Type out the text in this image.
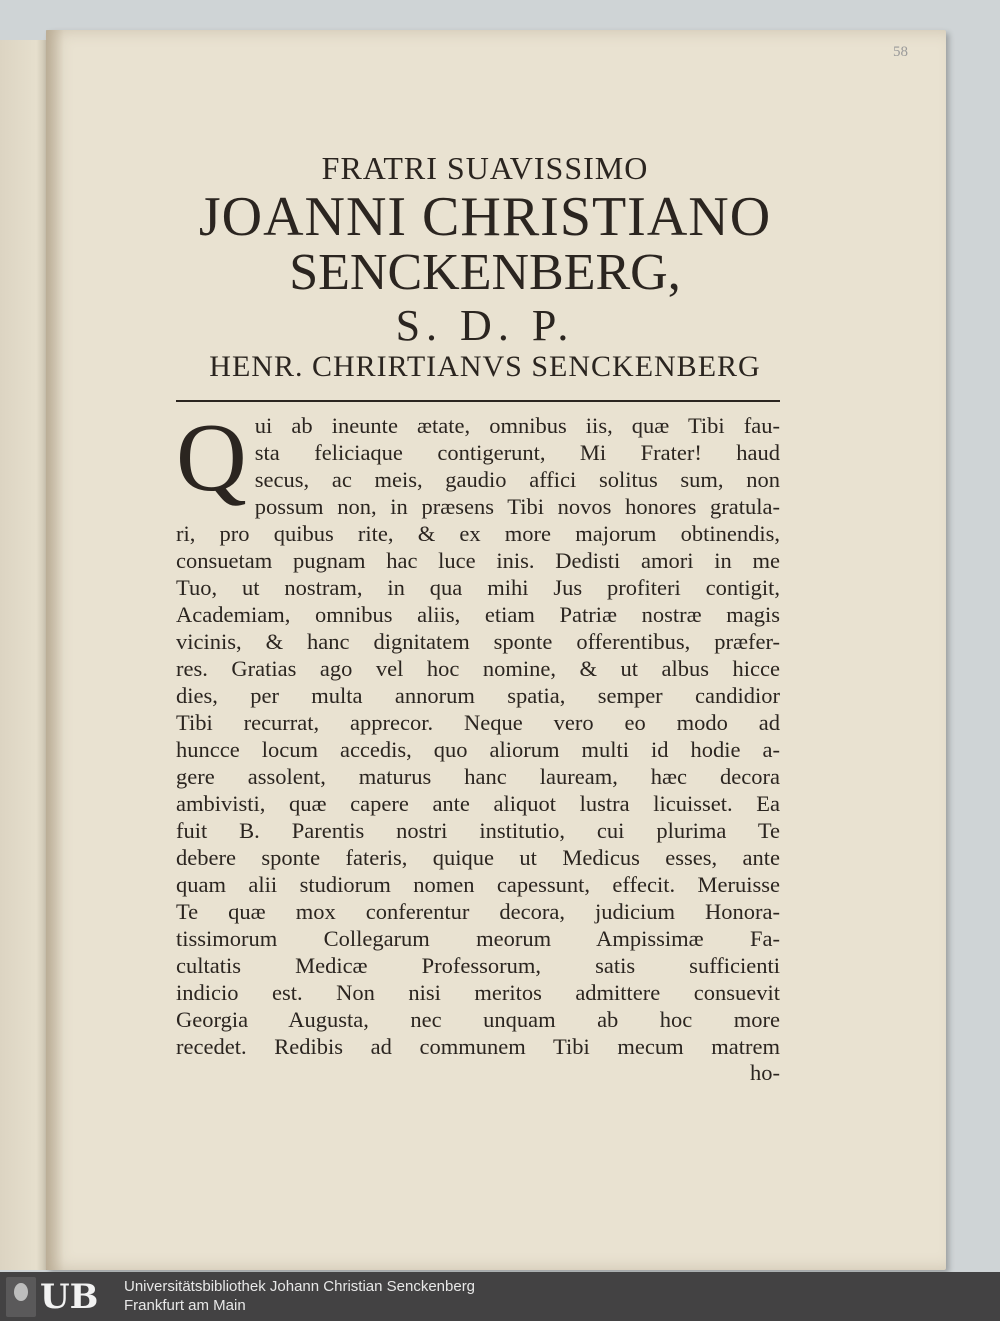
58
FRATRI SUAVISSIMO
JOANNI CHRISTIANO
SENCKENBERG,
S. D. P.
HENR. CHRIRTIANVS SENCKENBERG
Q ui ab ineunte ætate, omnibus iis, quæ Tibi fau-
sta feliciaque contigerunt, Mi Frater! haud
secus, ac meis, gaudio affici solitus sum, non
possum non, in præsens Tibi novos honores gratula-
ri, pro quibus rite, & ex more majorum obtinendis,
consuetam pugnam hac luce inis. Dedisti amori in me
Tuo, ut nostram, in qua mihi Jus profiteri contigit,
Academiam, omnibus aliis, etiam Patriæ nostræ magis
vicinis, & hanc dignitatem sponte offerentibus, præfer-
res. Gratias ago vel hoc nomine, & ut albus hicce
dies, per multa annorum spatia, semper candidior
Tibi recurrat, apprecor. Neque vero eo modo ad
huncce locum accedis, quo aliorum multi id hodie a-
gere assolent, maturus hanc lauream, hæc decora
ambivisti, quæ capere ante aliquot lustra licuisset. Ea
fuit B. Parentis nostri institutio, cui plurima Te
debere sponte fateris, quique ut Medicus esses, ante
quam alii studiorum nomen capessunt, effecit. Meruisse
Te quæ mox conferentur decora, judicium Honora-
tissimorum Collegarum meorum Ampissimæ Fa-
cultatis Medicæ Professorum, satis sufficienti
indicio est. Non nisi meritos admittere consuevit
Georgia Augusta, nec unquam ab hoc more
recedet. Redibis ad communem Tibi mecum matrem
ho-
UB Universitätsbibliothek Johann Christian Senckenberg
Frankfurt am Main
